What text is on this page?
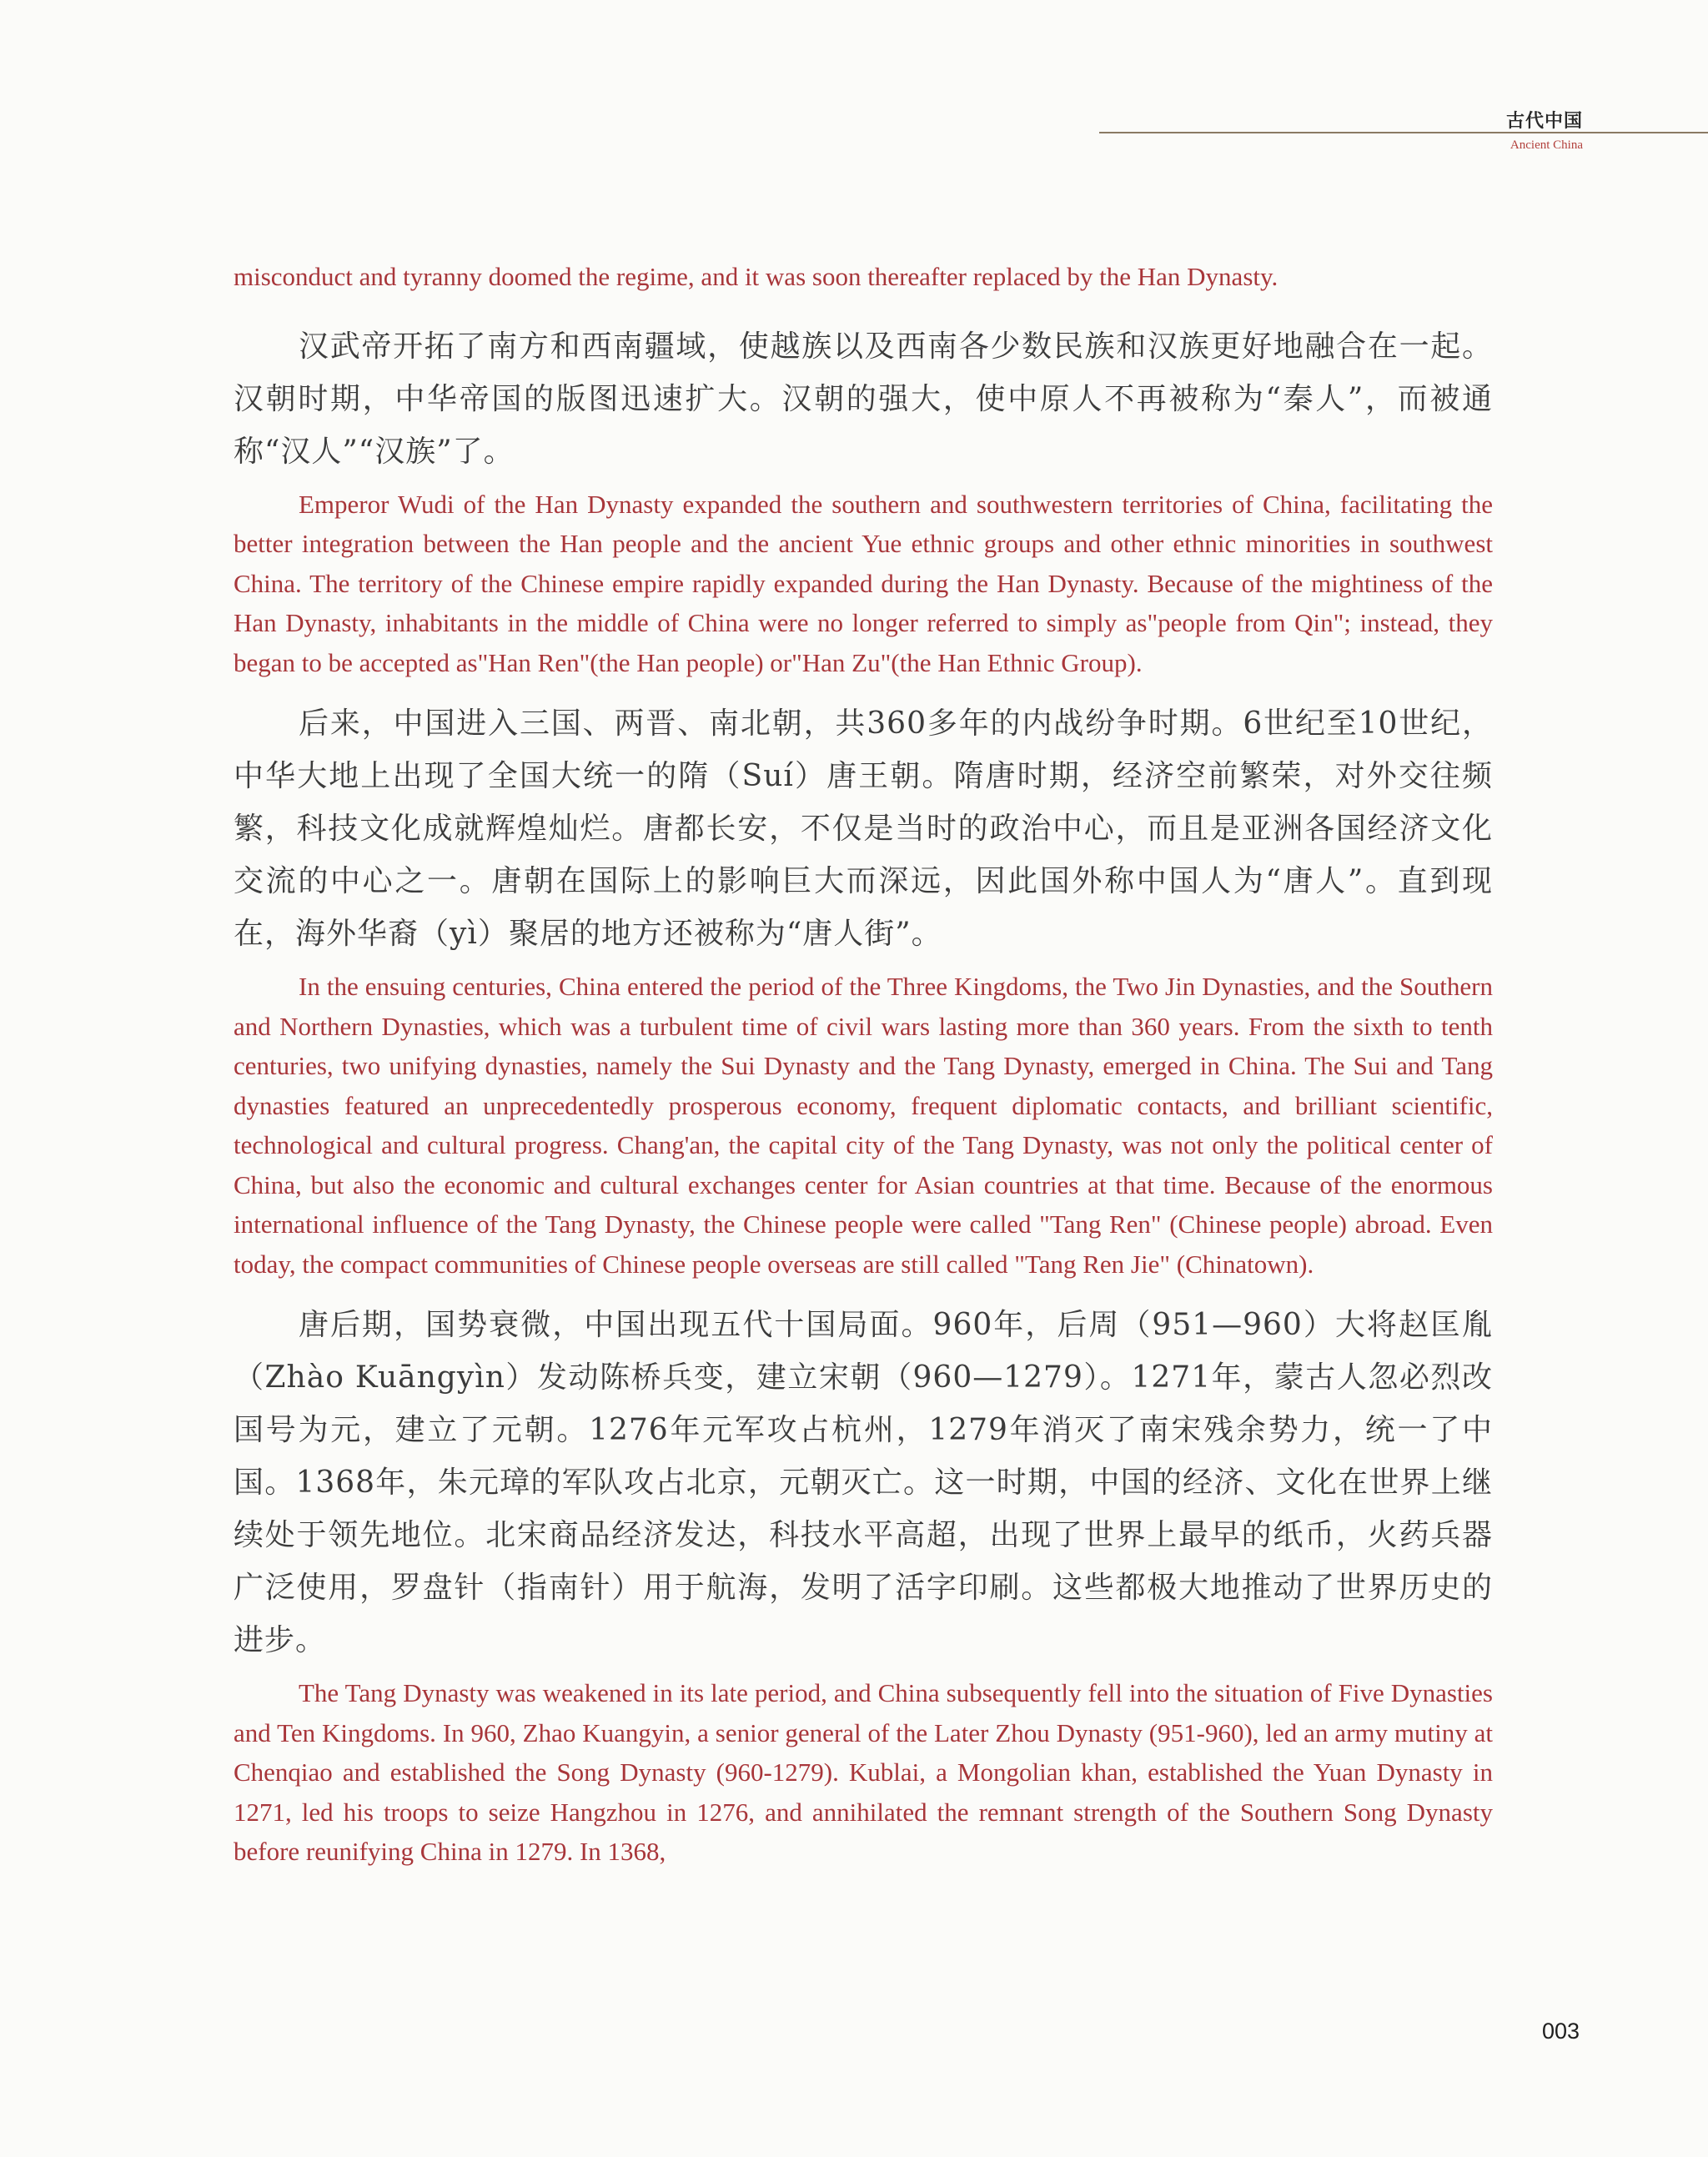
古代中国
Ancient China

misconduct and tyranny doomed the regime, and it was soon thereafter replaced by the Han Dynasty.

汉武帝开拓了南方和西南疆域，使越族以及西南各少数民族和汉族更好地融合在一起。汉朝时期，中华帝国的版图迅速扩大。汉朝的强大，使中原人不再被称为“秦人”，而被通称“汉人”“汉族”了。

Emperor Wudi of the Han Dynasty expanded the southern and southwestern territories of China, facilitating the better integration between the Han people and the ancient Yue ethnic groups and other ethnic minorities in southwest China. The territory of the Chinese empire rapidly expanded during the Han Dynasty. Because of the mightiness of the Han Dynasty, inhabitants in the middle of China were no longer referred to simply as"people from Qin"; instead, they began to be accepted as"Han Ren"(the Han people) or"Han Zu"(the Han Ethnic Group).

后来，中国进入三国、两晋、南北朝，共360多年的内战纷争时期。6世纪至10世纪，中华大地上出现了全国大统一的隋（Suí）唐王朝。隋唐时期，经济空前繁荣，对外交往频繁，科技文化成就辉煌灿烂。唐都长安，不仅是当时的政治中心，而且是亚洲各国经济文化交流的中心之一。唐朝在国际上的影响巨大而深远，因此国外称中国人为“唐人”。直到现在，海外华裔（yì）聚居的地方还被称为“唐人街”。

In the ensuing centuries, China entered the period of the Three Kingdoms, the Two Jin Dynasties, and the Southern and Northern Dynasties, which was a turbulent time of civil wars lasting more than 360 years. From the sixth to tenth centuries, two unifying dynasties, namely the Sui Dynasty and the Tang Dynasty, emerged in China. The Sui and Tang dynasties featured an unprecedentedly prosperous economy, frequent diplomatic contacts, and brilliant scientific, technological and cultural progress. Chang'an, the capital city of the Tang Dynasty, was not only the political center of China, but also the economic and cultural exchanges center for Asian countries at that time. Because of the enormous international influence of the Tang Dynasty, the Chinese people were called "Tang Ren" (Chinese people) abroad. Even today, the compact communities of Chinese people overseas are still called "Tang Ren Jie" (Chinatown).

唐后期，国势衰微，中国出现五代十国局面。960年，后周（951—960）大将赵匡胤（Zhào Kuāngyìn）发动陈桥兵变，建立宋朝（960—1279）。1271年，蒙古人忽必烈改国号为元，建立了元朝。1276年元军攻占杭州，1279年消灭了南宋残余势力，统一了中国。1368年，朱元璋的军队攻占北京，元朝灭亡。这一时期，中国的经济、文化在世界上继续处于领先地位。北宋商品经济发达，科技水平高超，出现了世界上最早的纸币，火药兵器广泛使用，罗盘针（指南针）用于航海，发明了活字印刷。这些都极大地推动了世界历史的进步。

The Tang Dynasty was weakened in its late period, and China subsequently fell into the situation of Five Dynasties and Ten Kingdoms. In 960, Zhao Kuangyin, a senior general of the Later Zhou Dynasty (951-960), led an army mutiny at Chenqiao and established the Song Dynasty (960-1279). Kublai, a Mongolian khan, established the Yuan Dynasty in 1271, led his troops to seize Hangzhou in 1276, and annihilated the remnant strength of the Southern Song Dynasty before reunifying China in 1279. In 1368,

003
